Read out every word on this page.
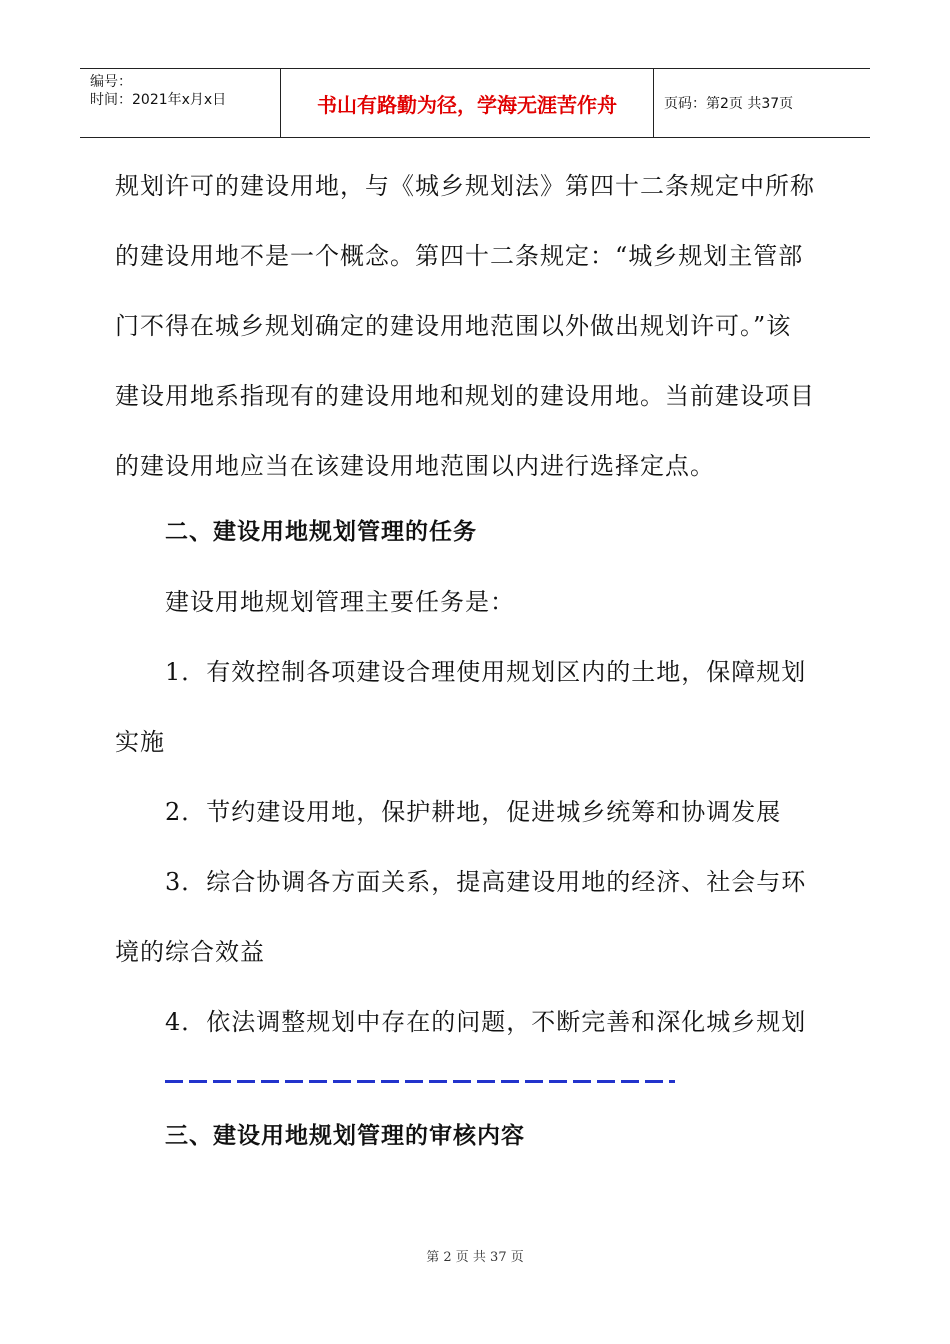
编号：
时间：2021年x月x日	书山有路勤为径，学海无涯苦作舟	页码：第2页 共37页
规划许可的建设用地，与《城乡规划法》第四十二条规定中所称
的建设用地不是一个概念。第四十二条规定：“城乡规划主管部
门不得在城乡规划确定的建设用地范围以外做出规划许可。”该
建设用地系指现有的建设用地和规划的建设用地。当前建设项目
的建设用地应当在该建设用地范围以内进行选择定点。
二、建设用地规划管理的任务
建设用地规划管理主要任务是：
1．有效控制各项建设合理使用规划区内的土地，保障规划
实施
2．节约建设用地，保护耕地，促进城乡统筹和协调发展
3．综合协调各方面关系，提高建设用地的经济、社会与环
境的综合效益
4．依法调整规划中存在的问题，不断完善和深化城乡规划
三、建设用地规划管理的审核内容
第 2 页 共 37 页
